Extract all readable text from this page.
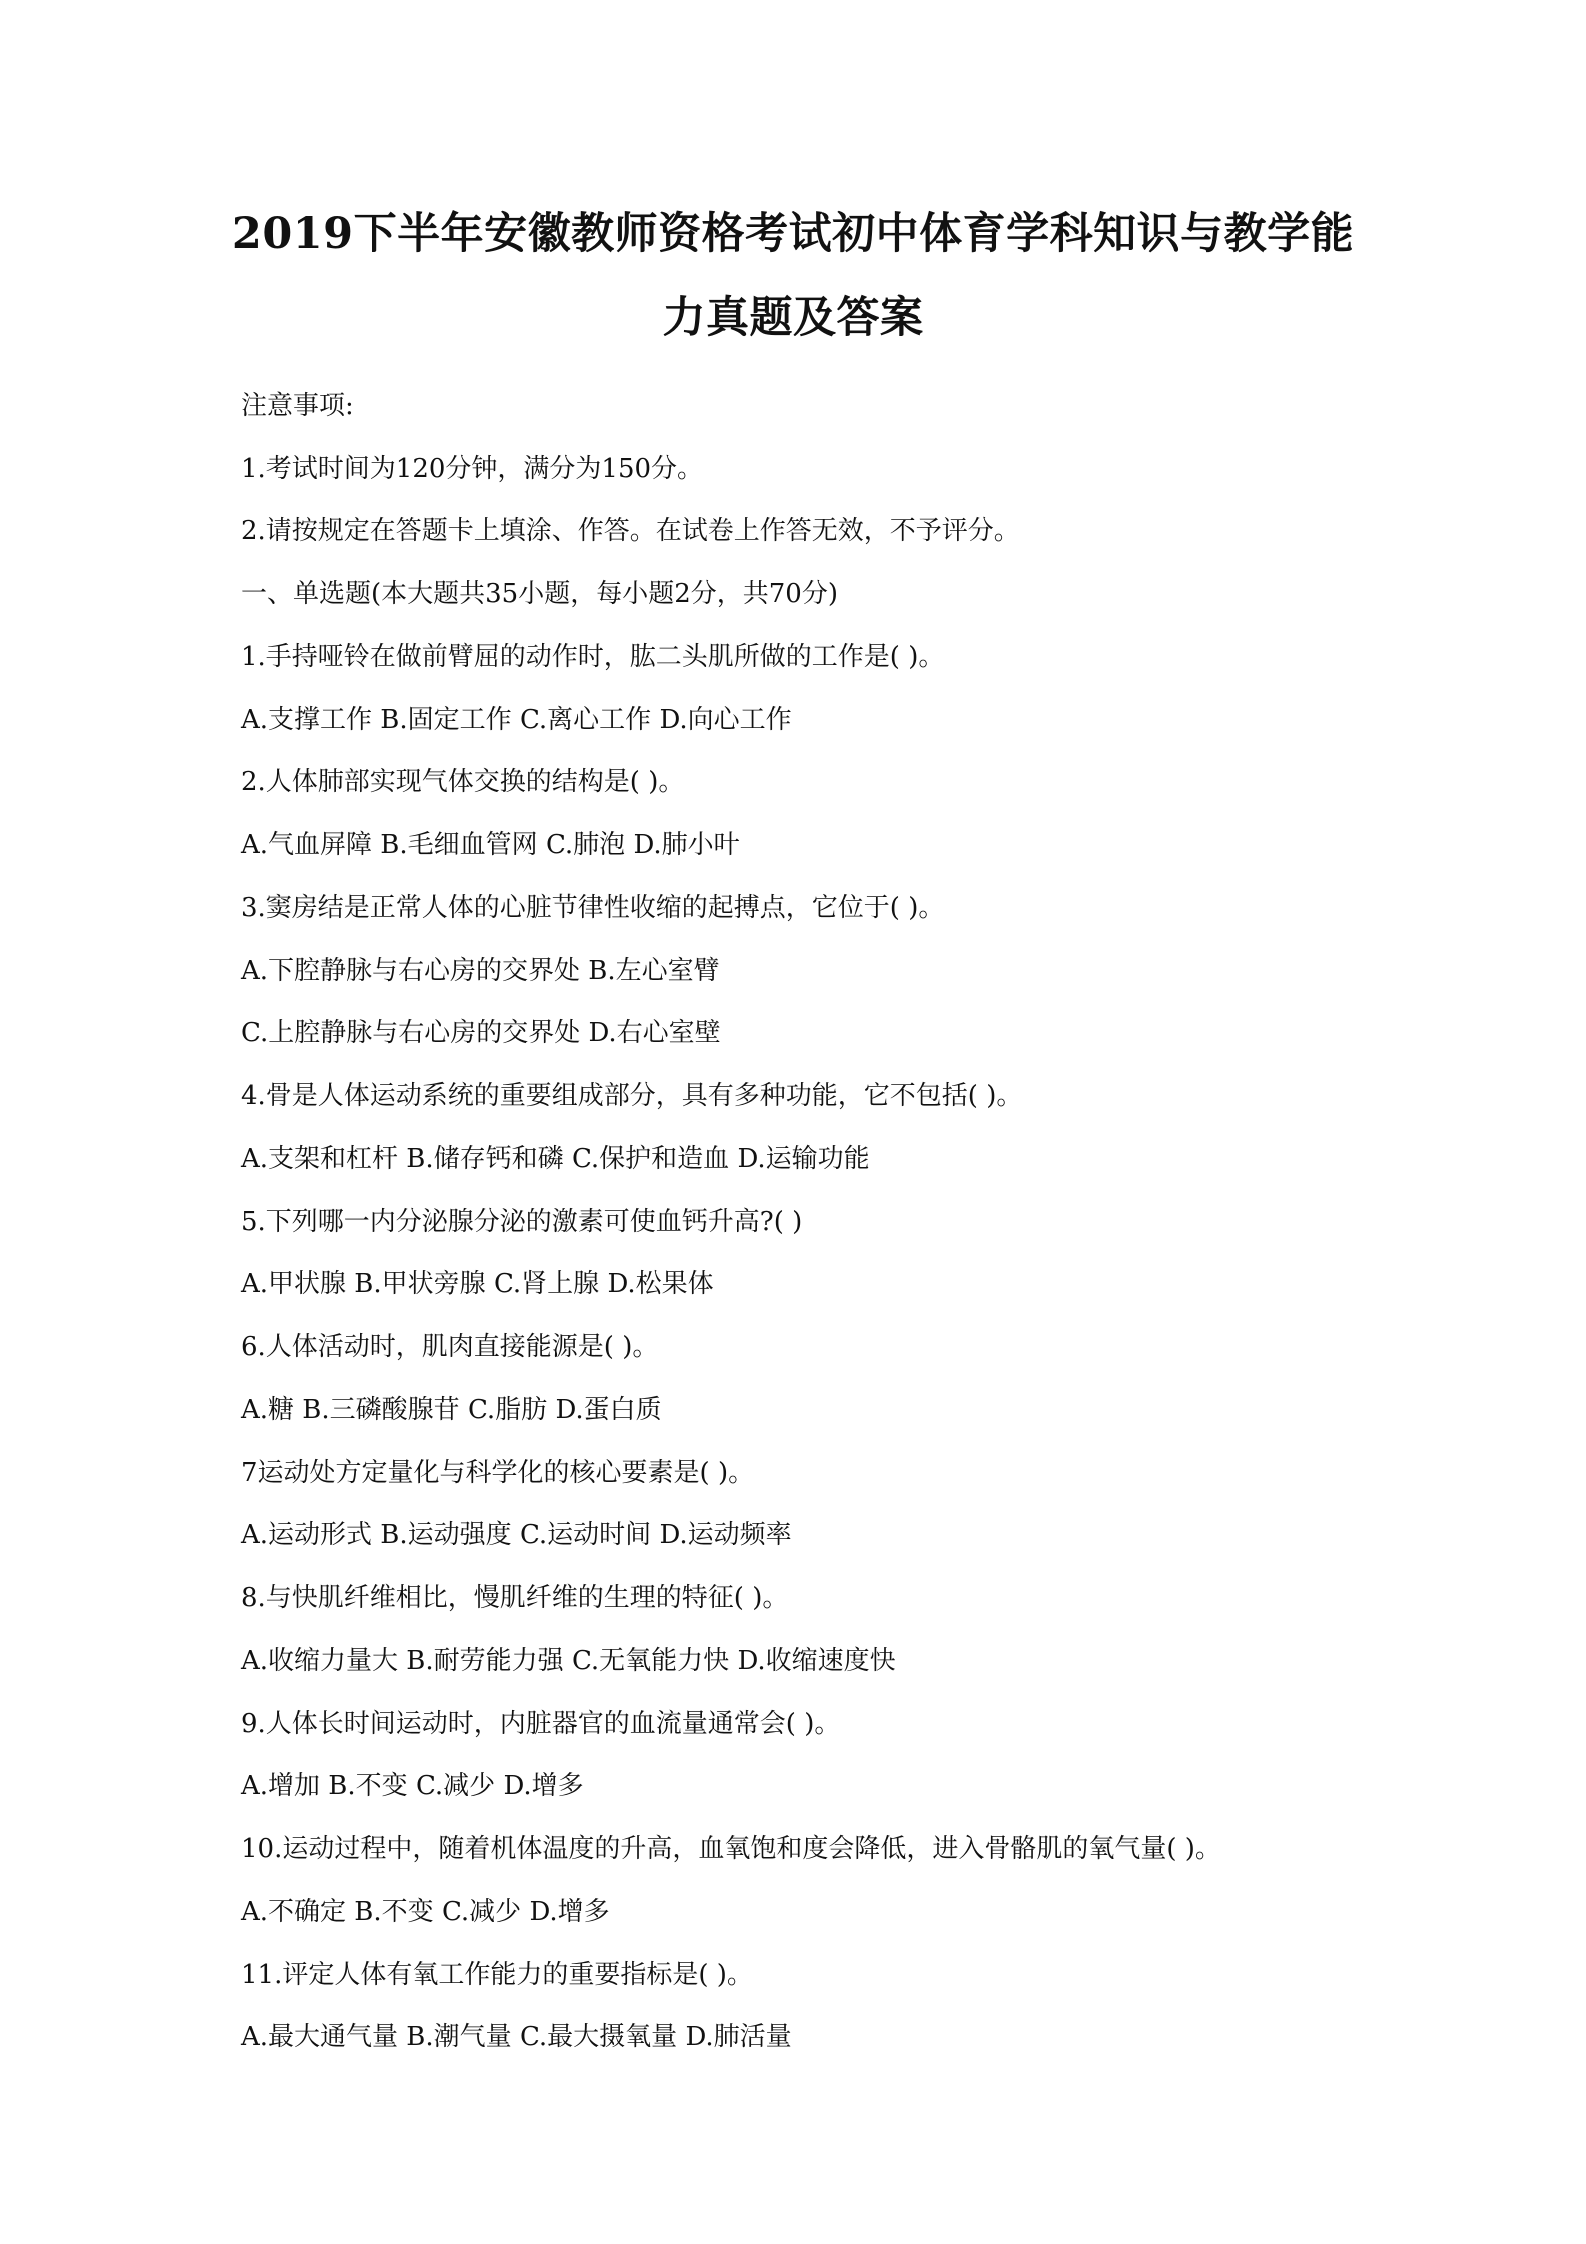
2019下半年安徽教师资格考试初中体育学科知识与教学能
力真题及答案
注意事项:
1.考试时间为120分钟，满分为150分。
2.请按规定在答题卡上填涂、作答。在试卷上作答无效，不予评分。
一、单选题(本大题共35小题，每小题2分，共70分)
1.手持哑铃在做前臂屈的动作时，肱二头肌所做的工作是( )。
A.支撑工作 B.固定工作 C.离心工作 D.向心工作
2.人体肺部实现气体交换的结构是( )。
A.气血屏障 B.毛细血管网 C.肺泡 D.肺小叶
3.窦房结是正常人体的心脏节律性收缩的起搏点，它位于( )。
A.下腔静脉与右心房的交界处 B.左心室臂
C.上腔静脉与右心房的交界处 D.右心室壁
4.骨是人体运动系统的重要组成部分，具有多种功能，它不包括( )。
A.支架和杠杆 B.储存钙和磷 C.保护和造血 D.运输功能
5.下列哪一内分泌腺分泌的激素可使血钙升高?( )
A.甲状腺 B.甲状旁腺 C.肾上腺 D.松果体
6.人体活动时，肌肉直接能源是( )。
A.糖 B.三磷酸腺苷 C.脂肪 D.蛋白质
7运动处方定量化与科学化的核心要素是( )。
A.运动形式 B.运动强度 C.运动时间 D.运动频率
8.与快肌纤维相比，慢肌纤维的生理的特征( )。
A.收缩力量大 B.耐劳能力强 C.无氧能力快 D.收缩速度快
9.人体长时间运动时，内脏器官的血流量通常会( )。
A.增加 B.不变 C.减少 D.增多
10.运动过程中，随着机体温度的升高，血氧饱和度会降低，进入骨骼肌的氧气量( )。
A.不确定 B.不变 C.减少 D.增多
11.评定人体有氧工作能力的重要指标是( )。
A.最大通气量 B.潮气量 C.最大摄氧量 D.肺活量
